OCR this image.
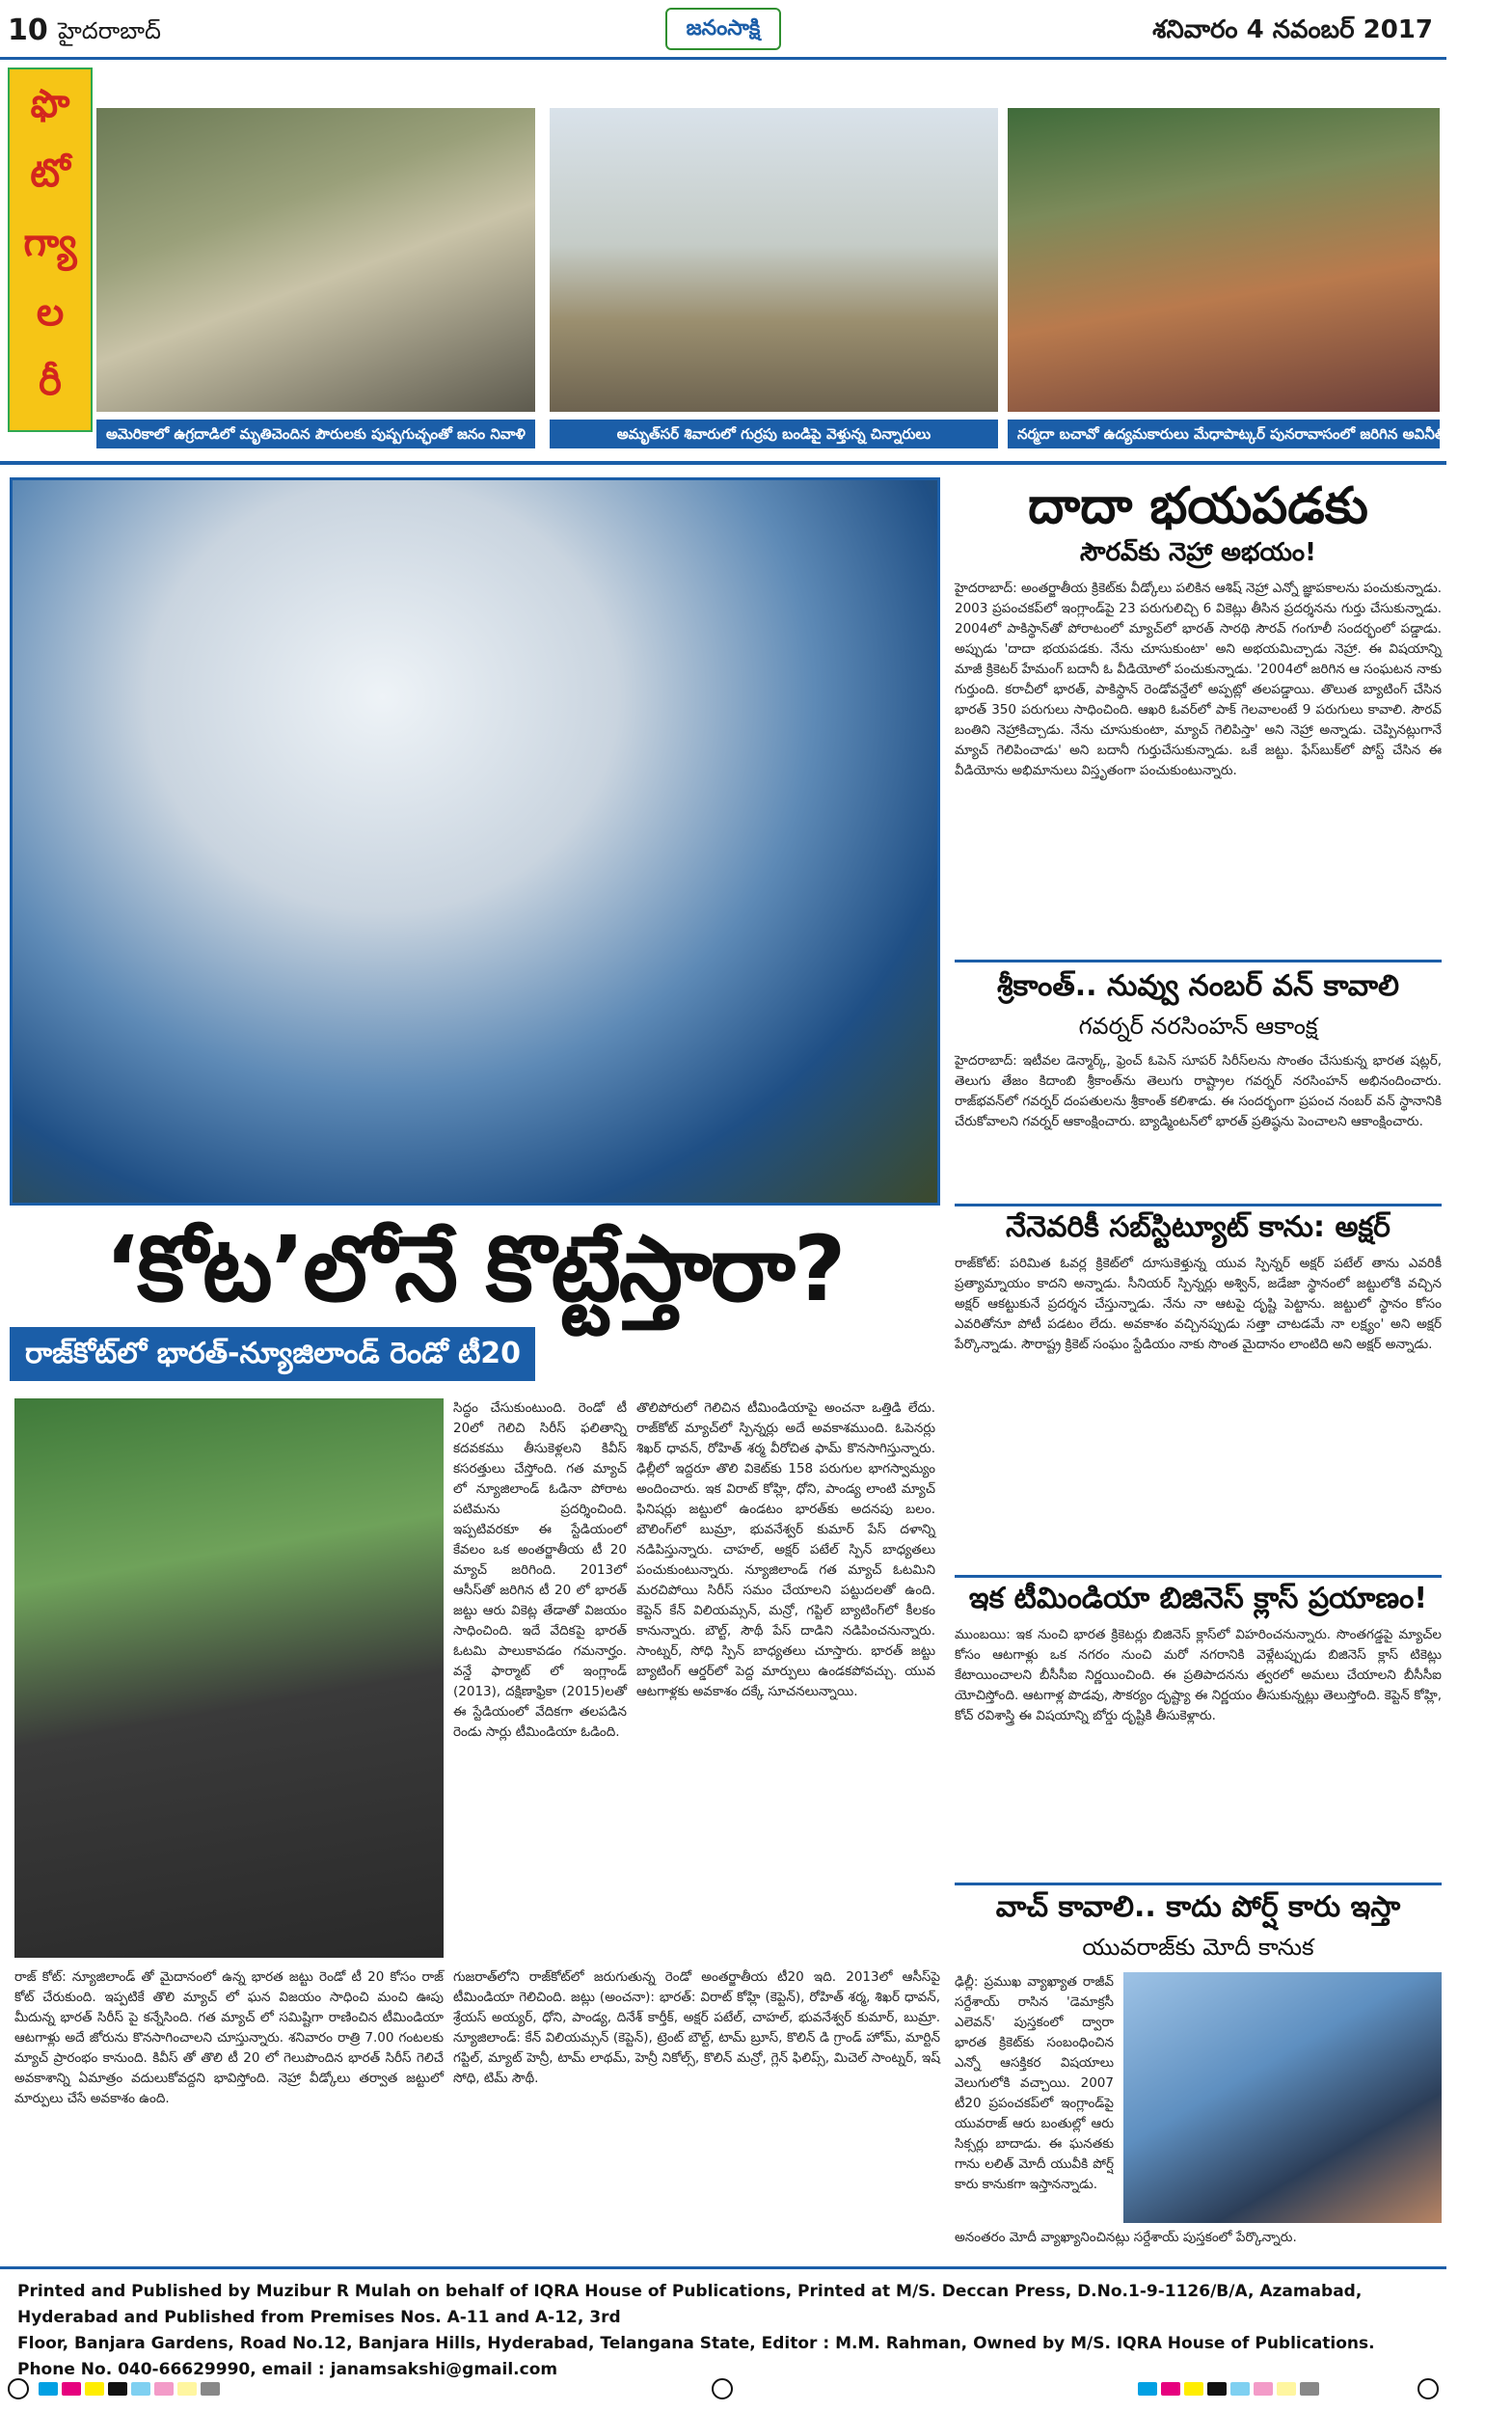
10 హైదరాబాద్	జనంసాక్షి	శనివారం 4 నవంబర్ 2017
ఫొ
టో
గ్యా
ల
రీ
అమెరికాలో ఉగ్రదాడిలో మృతిచెందిన పౌరులకు పుష్పగుచ్ఛంతో జనం నివాళి	అమృత్‌సర్ శివారులో గుర్రపు బండిపై వెళ్తున్న చిన్నారులు	నర్మదా బచావో ఉద్యమకారులు మేధాపాట్కర్ పునరావాసంలో జరిగిన అవినీతిపై ఆందోళన
‘కోట’లోనే కొట్టేస్తారా?
రాజ్‌కోట్‌లో భారత్-న్యూజిలాండ్ రెండో టీ20
సిద్ధం చేసుకుంటుంది. రెండో టీ 20లో గెలిచి సిరీస్ ఫలితాన్ని కదవకము తీసుకెళ్లలని కివీస్ కసరత్తులు చేస్తోంది. గత మ్యాచ్ లో న్యూజిలాండ్ ఓడినా పోరాట పటిమను ప్రదర్శించింది. ఇప్పటివరకూ ఈ స్టేడియంలో కేవలం ఒక అంతర్జాతీయ టీ 20 మ్యాచ్ జరిగింది. 2013లో ఆసీస్‌తో జరిగిన టీ 20 లో భారత్ జట్టు ఆరు వికెట్ల తేడాతో విజయం సాధించింది. ఇదే వేదికపై భారత్ ఓటమి పాలుకావడం గమనార్హం. వన్డే ఫార్మాట్ లో ఇంగ్లాండ్ (2013), దక్షిణాఫ్రికా (2015)లతో ఈ స్టేడియంలో వేదికగా తలపడిన రెండు సార్లు టీమిండియా ఓడింది.
రాజ్ కోట్: న్యూజిలాండ్ తో మైదానంలో ఉన్న భారత జట్టు రెండో టీ 20 కోసం రాజ్ కోట్ చేరుకుంది. ఇప్పటికే తొలి మ్యాచ్ లో ఘన విజయం సాధించి మంచి ఊపు మీదున్న భారత్ సిరీస్ పై కన్నేసింది. గత మ్యాచ్ లో సమిష్టిగా రాణించిన టీమిండియా ఆటగాళ్లు అదే జోరును కొనసాగించాలని చూస్తున్నారు. శనివారం రాత్రి 7.00 గంటలకు మ్యాచ్ ప్రారంభం కానుంది. కివీస్ తో తొలి టీ 20 లో గెలుపొందిన భారత్ సిరీస్ గెలిచే అవకాశాన్ని ఏమాత్రం వదులుకోవద్దని భావిస్తోంది. నెహ్రా వీడ్కోలు తర్వాత జట్టులో మార్పులు చేసే అవకాశం ఉంది.
తొలిపోరులో గెలిచిన టీమిండియాపై అంచనా ఒత్తిడి లేదు. రాజ్‌కోట్ మ్యాచ్‌లో స్పిన్నర్లు అదే అవకాశముంది. ఓపెనర్లు శిఖర్ ధావన్, రోహిత్ శర్మ వీరోచిత ఫామ్ కొనసాగిస్తున్నారు. ఢిల్లీలో ఇద్దరూ తొలి వికెట్‌కు 158 పరుగుల భాగస్వామ్యం అందించారు. ఇక విరాట్ కోహ్లి, ధోని, పాండ్య లాంటి మ్యాచ్ ఫినిషర్లు జట్టులో ఉండటం భారత్‌కు అదనపు బలం. బౌలింగ్‌లో బుమ్రా, భువనేశ్వర్ కుమార్ పేస్ దళాన్ని నడిపిస్తున్నారు. చాహల్, అక్షర్ పటేల్ స్పిన్ బాధ్యతలు పంచుకుంటున్నారు. న్యూజిలాండ్ గత మ్యాచ్ ఓటమిని మరచిపోయి సిరీస్ సమం చేయాలని పట్టుదలతో ఉంది. కెప్టెన్ కేన్ విలియమ్సన్, మన్రో, గప్టిల్ బ్యాటింగ్‌లో కీలకం కానున్నారు. బౌల్ట్, సౌథీ పేస్ దాడిని నడిపించనున్నారు. సాంట్నర్, సోధి స్పిన్ బాధ్యతలు చూస్తారు. భారత్ జట్టు బ్యాటింగ్ ఆర్డర్‌లో పెద్ద మార్పులు ఉండకపోవచ్చు. యువ ఆటగాళ్లకు అవకాశం దక్కే సూచనలున్నాయి.
గుజరాత్‌లోని రాజ్‌కోట్‌లో జరుగుతున్న రెండో అంతర్జాతీయ టీ20 ఇది. 2013లో ఆసీస్‌పై టీమిండియా గెలిచింది. జట్లు (అంచనా): భారత్: విరాట్ కోహ్లి (కెప్టెన్), రోహిత్ శర్మ, శిఖర్ ధావన్, శ్రేయస్ అయ్యర్, ధోని, పాండ్య, దినేశ్ కార్తీక్, అక్షర్ పటేల్, చాహల్, భువనేశ్వర్ కుమార్, బుమ్రా. న్యూజిలాండ్: కేన్ విలియమ్సన్ (కెప్టెన్), ట్రెంట్ బౌల్ట్, టామ్ బ్రూస్, కొలిన్ డి గ్రాండ్ హోమ్, మార్టిన్ గప్టిల్, మ్యాట్ హెన్రీ, టామ్ లాథమ్, హెన్రీ నికోల్స్, కొలిన్ మన్రో, గ్లెన్ ఫిలిప్స్, మిచెల్ సాంట్నర్, ఇష్ సోధి, టిమ్ సౌథీ.
దాదా భయపడకు
సౌరవ్‌కు నెహ్రా అభయం!
హైదరాబాద్: అంతర్జాతీయ క్రికెట్‌కు వీడ్కోలు పలికిన ఆశిష్ నెహ్రా ఎన్నో జ్ఞాపకాలను పంచుకున్నాడు. 2003 ప్రపంచకప్‌లో ఇంగ్లాండ్‌పై 23 పరుగులిచ్చి 6 వికెట్లు తీసిన ప్రదర్శనను గుర్తు చేసుకున్నాడు. 2004లో పాకిస్థాన్‌తో పోరాటంలో మ్యాచ్‌లో భారత్ సారథి సౌరవ్ గంగూలీ సందర్భంలో పడ్డాడు. అప్పుడు 'దాదా భయపడకు. నేను చూసుకుంటా' అని అభయమిచ్చాడు నెహ్రా. ఈ విషయాన్ని మాజీ క్రికెటర్ హేమంగ్ బదానీ ఓ వీడియోలో పంచుకున్నాడు. '2004లో జరిగిన ఆ సంఘటన నాకు గుర్తుంది. కరాచీలో భారత్, పాకిస్థాన్ రెండోవన్డేలో అప్పట్లో తలపడ్డాయి. తొలుత బ్యాటింగ్ చేసిన భారత్ 350 పరుగులు సాధించింది. ఆఖరి ఓవర్‌లో పాక్ గెలవాలంటే 9 పరుగులు కావాలి. సౌరవ్ బంతిని నెహ్రాకిచ్చాడు. నేను చూసుకుంటా, మ్యాచ్ గెలిపిస్తా' అని నెహ్రా అన్నాడు. చెప్పినట్లుగానే మ్యాచ్ గెలిపించాడు' అని బదానీ గుర్తుచేసుకున్నాడు. ఒకే జట్టు. ఫేస్‌బుక్‌లో పోస్ట్ చేసిన ఈ వీడియోను అభిమానులు విస్తృతంగా పంచుకుంటున్నారు.
శ్రీకాంత్.. నువ్వు నంబర్ వన్ కావాలి
గవర్నర్ నరసింహన్ ఆకాంక్ష
హైదరాబాద్: ఇటీవల డెన్మార్క్, ఫ్రెంచ్ ఓపెన్ సూపర్ సిరీస్‌లను సొంతం చేసుకున్న భారత షట్లర్, తెలుగు తేజం కిదాంబి శ్రీకాంత్‌ను తెలుగు రాష్ట్రాల గవర్నర్ నరసింహన్ అభినందించారు. రాజ్‌భవన్‌లో గవర్నర్ దంపతులను శ్రీకాంత్ కలిశాడు. ఈ సందర్భంగా ప్రపంచ నంబర్ వన్ స్థానానికి చేరుకోవాలని గవర్నర్ ఆకాంక్షించారు. బ్యాడ్మింటన్‌లో భారత్ ప్రతిష్ఠను పెంచాలని ఆకాంక్షించారు.
నేనెవరికీ సబ్‌స్టిట్యూట్ కాను: అక్షర్
రాజ్‌కోట్: పరిమిత ఓవర్ల క్రికెట్‌లో దూసుకెళ్తున్న యువ స్పిన్నర్ అక్షర్ పటేల్ తాను ఎవరికీ ప్రత్యామ్నాయం కాదని అన్నాడు. సీనియర్ స్పిన్నర్లు అశ్విన్, జడేజా స్థానంలో జట్టులోకి వచ్చిన అక్షర్ ఆకట్టుకునే ప్రదర్శన చేస్తున్నాడు. నేను నా ఆటపై దృష్టి పెట్టాను. జట్టులో స్థానం కోసం ఎవరితోనూ పోటీ పడటం లేదు. అవకాశం వచ్చినప్పుడు సత్తా చాటడమే నా లక్ష్యం' అని అక్షర్ పేర్కొన్నాడు. సౌరాష్ట్ర క్రికెట్ సంఘం స్టేడియం నాకు సొంత మైదానం లాంటిది అని అక్షర్ అన్నాడు.
ఇక టీమిండియా బిజినెస్ క్లాస్ ప్రయాణం!
ముంబయి: ఇక నుంచి భారత క్రికెటర్లు బిజినెస్ క్లాస్‌లో విహరించనున్నారు. సొంతగడ్డపై మ్యాచ్‌ల కోసం ఆటగాళ్లు ఒక నగరం నుంచి మరో నగరానికి వెళ్లేటప్పుడు బిజినెస్ క్లాస్ టికెట్లు కేటాయించాలని బీసీసీఐ నిర్ణయించింది. ఈ ప్రతిపాదనను త్వరలో అమలు చేయాలని బీసీసీఐ యోచిస్తోంది. ఆటగాళ్ల పొడవు, సౌకర్యం దృష్ట్యా ఈ నిర్ణయం తీసుకున్నట్లు తెలుస్తోంది. కెప్టెన్ కోహ్లి, కోచ్ రవిశాస్త్రి ఈ విషయాన్ని బోర్డు దృష్టికి తీసుకెళ్లారు.
వాచ్ కావాలి.. కాదు పోర్ష్ కారు ఇస్తా
యువరాజ్‌కు మోదీ కానుక
ఢిల్లీ: ప్రముఖ వ్యాఖ్యాత రాజీవ్ సర్దేశాయ్ రాసిన 'డెమాక్రసీ ఎలెవన్' పుస్తకంలో ద్వారా భారత క్రికెట్‌కు సంబంధించిన ఎన్నో ఆసక్తికర విషయాలు వెలుగులోకి వచ్చాయి. 2007 టీ20 ప్రపంచకప్‌లో ఇంగ్లాండ్‌పై యువరాజ్ ఆరు బంతుల్లో ఆరు సిక్సర్లు బాదాడు. ఈ ఘనతకు గాను లలిత్ మోదీ యువీకి పోర్ష్ కారు కానుకగా ఇస్తానన్నాడు.
అనంతరం మోదీ వ్యాఖ్యానించినట్లు సర్దేశాయ్ పుస్తకంలో పేర్కొన్నారు.
Printed and Published by Muzibur R Mulah on behalf of IQRA House of Publications, Printed at M/S. Deccan Press, D.No.1-9-1126/B/A, Azamabad, Hyderabad and Published from Premises Nos. A-11 and A-12, 3rd
Floor, Banjara Gardens, Road No.12, Banjara Hills, Hyderabad, Telangana State, Editor : M.M. Rahman, Owned by M/S. IQRA House of Publications. Phone No. 040-66629990, email : janamsakshi@gmail.com
